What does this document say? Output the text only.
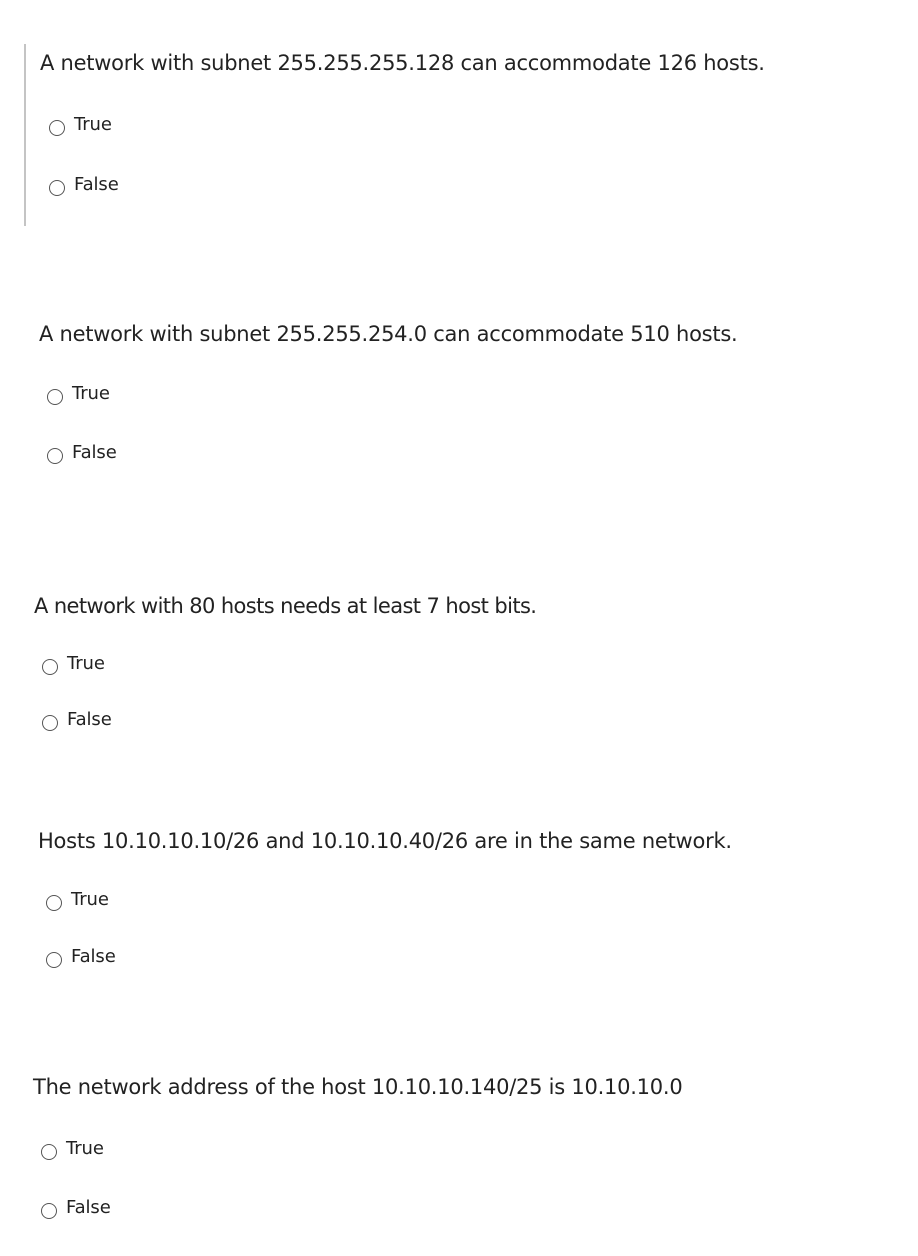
A network with subnet 255.255.255.128 can accommodate 126 hosts.
True
False
A network with subnet 255.255.254.0 can accommodate 510 hosts.
True
False
A network with 80 hosts needs at least 7 host bits.
True
False
Hosts 10.10.10.10/26 and 10.10.10.40/26 are in the same network.
True
False
The network address of the host 10.10.10.140/25 is 10.10.10.0
True
False
